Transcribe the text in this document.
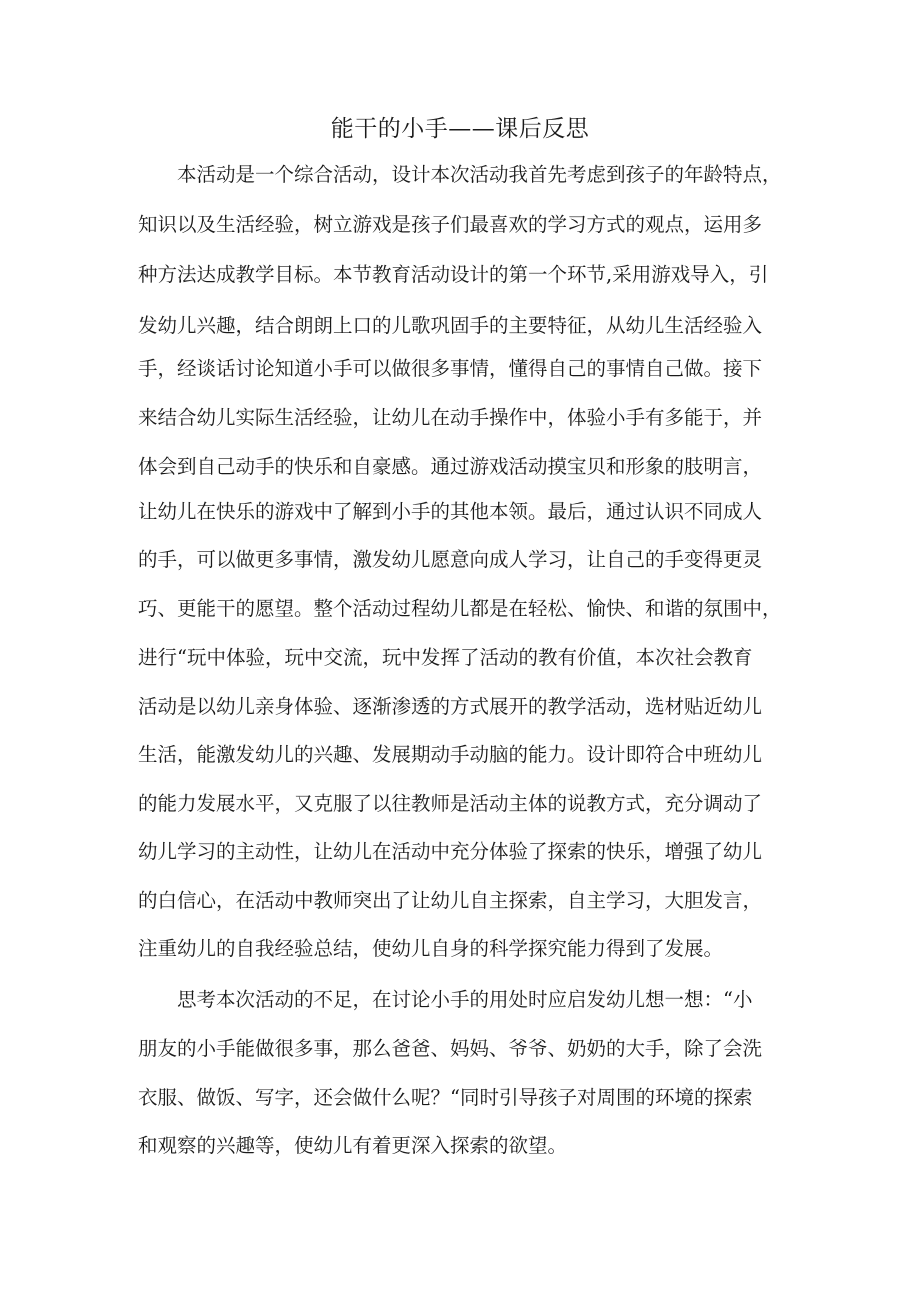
能干的小手——课后反思
本活动是一个综合活动，设计本次活动我首先考虑到孩子的年龄特点，
知识以及生活经验，树立游戏是孩子们最喜欢的学习方式的观点，运用多
种方法达成教学目标。本节教育活动设计的第一个环节,采用游戏导入，引
发幼儿兴趣，结合朗朗上口的儿歌巩固手的主要特征，从幼儿生活经验入
手，经谈话讨论知道小手可以做很多事情，懂得自己的事情自己做。接下
来结合幼儿实际生活经验，让幼儿在动手操作中，体验小手有多能于，并
体会到自己动手的快乐和自豪感。通过游戏活动摸宝贝和形象的肢明言，
让幼儿在快乐的游戏中了解到小手的其他本领。最后，通过认识不同成人
的手，可以做更多事情，激发幼儿愿意向成人学习，让自己的手变得更灵
巧、更能干的愿望。整个活动过程幼儿都是在轻松、愉快、和谐的氛围中，
进行“玩中体验，玩中交流，玩中发挥了活动的教有价值，本次社会教育
活动是以幼儿亲身体验、逐渐渗透的方式展开的教学活动，选材贴近幼儿
生活，能激发幼儿的兴趣、发展期动手动脑的能力。设计即符合中班幼儿
的能力发展水平，又克服了以往教师是活动主体的说教方式，充分调动了
幼儿学习的主动性，让幼儿在活动中充分体验了探索的快乐，增强了幼儿
的白信心，在活动中教师突出了让幼儿自主探索，自主学习，大胆发言，
注重幼儿的自我经验总结，使幼儿自身的科学探究能力得到了发展。
思考本次活动的不足，在讨论小手的用处时应启发幼儿想一想：“小
朋友的小手能做很多事，那么爸爸、妈妈、爷爷、奶奶的大手，除了会洗
衣服、做饭、写字，还会做什么呢？“同时引导孩子对周围的环境的探索
和观察的兴趣等，使幼儿有着更深入探索的欲望。
